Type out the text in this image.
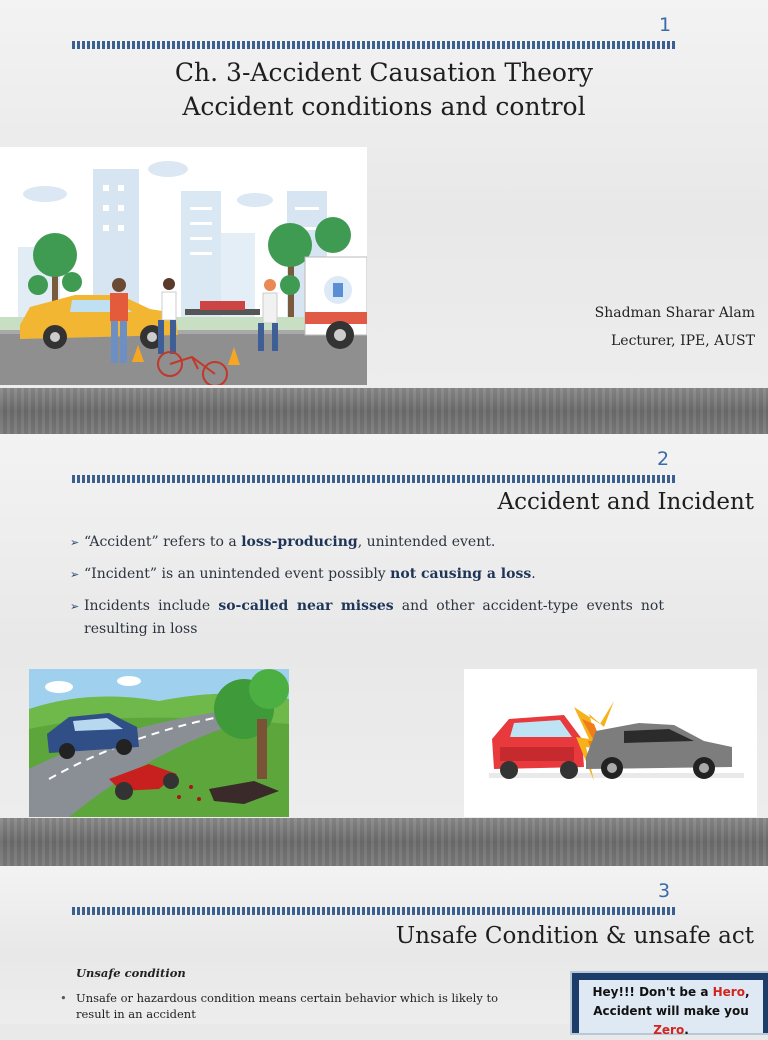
1
Ch. 3-Accident Causation Theory
Accident conditions and control
Shadman Sharar Alam
Lecturer, IPE, AUST
2
Accident and Incident
➢ “Accident” refers to a loss-producing, unintended event.
➢ “Incident” is an unintended event possibly not causing a loss.
➢ Incidents include so-called near misses and other accident-type events not resulting in loss
3
Unsafe Condition & unsafe act
Unsafe condition
• Unsafe or hazardous condition means certain behavior which is likely to result in an accident
Hey!!! Don't be a Hero,
Accident will make you Zero.
